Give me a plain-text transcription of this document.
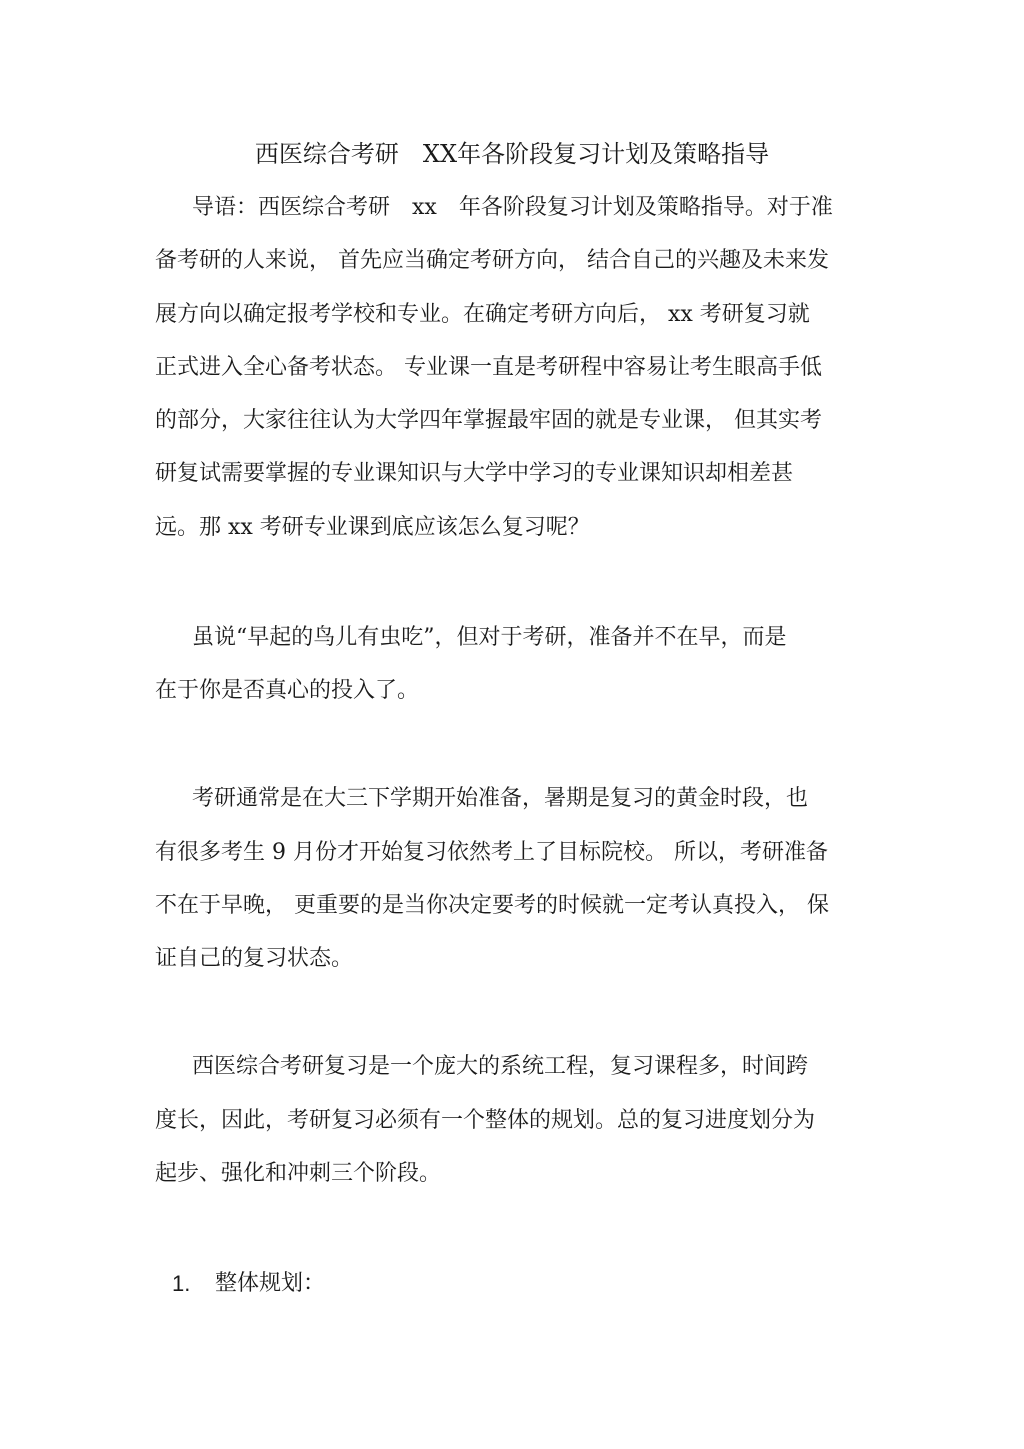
西医综合考研　XX年各阶段复习计划及策略指导
导语：西医综合考研　xx　年各阶段复习计划及策略指导。对于准
备考研的人来说， 首先应当确定考研方向， 结合自己的兴趣及未来发
展方向以确定报考学校和专业。在确定考研方向后， xx 考研复习就
正式进入全心备考状态。 专业课一直是考研程中容易让考生眼高手低
的部分，大家往往认为大学四年掌握最牢固的就是专业课， 但其实考
研复试需要掌握的专业课知识与大学中学习的专业课知识却相差甚
远。那 xx 考研专业课到底应该怎么复习呢？
虽说“早起的鸟儿有虫吃”，但对于考研，准备并不在早，而是
在于你是否真心的投入了。
考研通常是在大三下学期开始准备，暑期是复习的黄金时段，也
有很多考生 9 月份才开始复习依然考上了目标院校。 所以，考研准备
不在于早晚， 更重要的是当你决定要考的时候就一定考认真投入， 保
证自己的复习状态。
西医综合考研复习是一个庞大的系统工程，复习课程多，时间跨
度长，因此，考研复习必须有一个整体的规划。总的复习进度划分为
起步、强化和冲刺三个阶段。
1. 整体规划：
